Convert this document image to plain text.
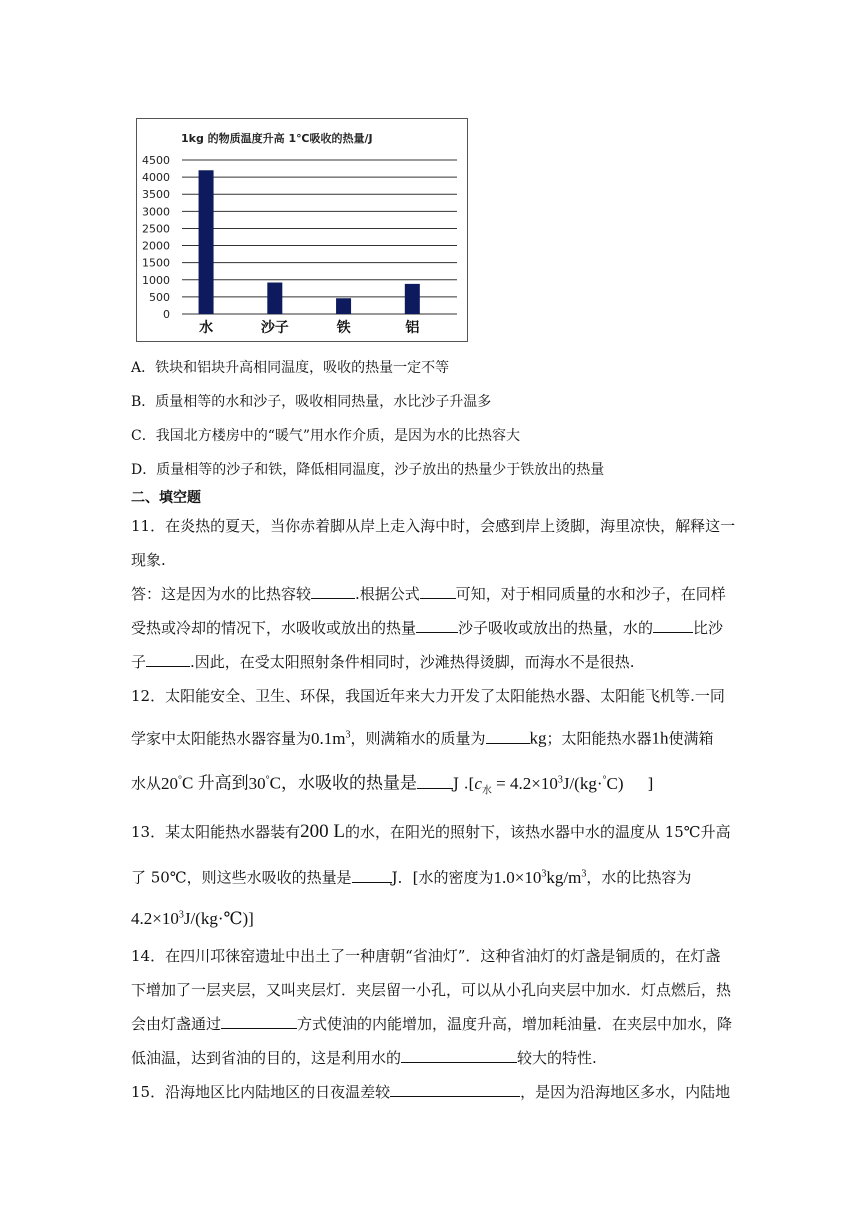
1kg 的物质温度升高 1℃吸收的热量/J
4500
4000
3500
3000
2500
2000
1500
1000
500
0
水	沙子	铁	铝
A．铁块和铝块升高相同温度，吸收的热量一定不等
B．质量相等的水和沙子，吸收相同热量，水比沙子升温多
C．我国北方楼房中的“暖气”用水作介质，是因为水的比热容大
D．质量相等的沙子和铁，降低相同温度，沙子放出的热量少于铁放出的热量
二、填空题
11．在炎热的夏天，当你赤着脚从岸上走入海中时，会感到岸上烫脚，海里凉快，解释这一
现象.
答：这是因为水的比热容较	.根据公式 可知，对于相同质量的水和沙子，在同样
受热或冷却的情况下，水吸收或放出的热量	沙子吸收或放出的热量，水的	比沙
子	.因此，在受太阳照射条件相同时，沙滩热得烫脚，而海水不是很热.
12．太阳能安全、卫生、环保，我国近年来大力开发了太阳能热水器、太阳能飞机等.一同
学家中太阳能热水器容量为$0.1m^3$，则满箱水的质量为	kg；太阳能热水器1h使满箱
水从20°C 升高到30°C，水吸收的热量是 J $.[c_水 = 4.2\times 10^3J/(kg\cdot^\circ C)$ ]
13．某太阳能热水器装有200 L的水，在阳光的照射下，该热水器中水的温度从 15℃升高
了 50℃，则这些水吸收的热量是	J．[水的密度为$1.0\times 10^3kg/m^3$，水的比热容为
$4.2\times 10^3J/(kg\cdot℃)$]
14．在四川邛徕窑遗址中出土了一种唐朝“省油灯”．这种省油灯的灯盏是铜质的，在灯盏
下增加了一层夹层，又叫夹层灯．夹层留一小孔，可以从小孔向夹层中加水．灯点燃后，热
会由灯盏通过	方式使油的内能增加，温度升高，增加耗油量．在夹层中加水，降
低油温，达到省油的目的，这是利用水的	较大的特性.
15．沿海地区比内陆地区的日夜温差较	，是因为沿海地区多水，内陆地
